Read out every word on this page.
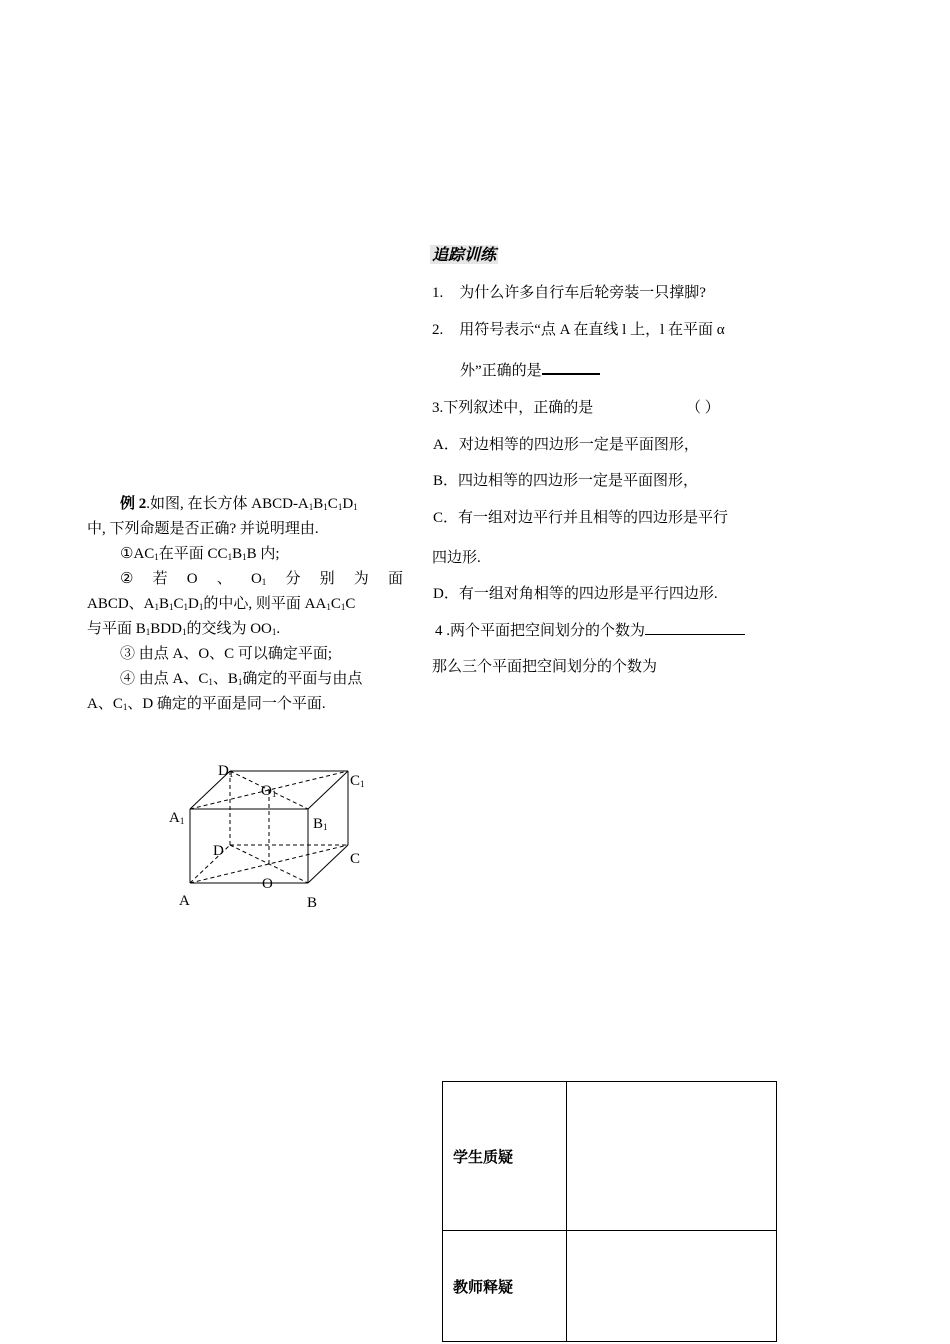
例 2.如图, 在长方体 ABCD-$A_1B_1C_1D_1$
中, 下列命题是否正确? 并说明理由.
$①AC_1$在平面 $CC_1B_1B$ 内;
② 若 O 、 $O_1$ 分 别 为 面
ABCD、$A_1B_1C_1D_1$的中心, 则平面 $AA_1C_1C$
与平面 $B_1BDD_1$的交线为 $OO_1$.
③ 由点 A、O、C 可以确定平面;
④ 由点 A、$C_1$、$B_1$确定的平面与由点
A、$C_1$、D 确定的平面是同一个平面.
$D_1$
$O_1$
$C_1$
$A_1$	$B_1$
D	C
O
A	B
追踪训练
1. 为什么许多自行车后轮旁装一只撑脚?
2. 用符号表示“点 A 在直线 l 上，l 在平面 α
外”正确的是
3.下列叙述中，正确的是	（ ）
A．对边相等的四边形一定是平面图形，
B．四边相等的四边形一定是平面图形，
C．有一组对边平行并且相等的四边形是平行
四边形.
D．有一组对角相等的四边形是平行四边形.
4 .两个平面把空间划分的个数为
那么三个平面把空间划分的个数为
学生质疑	
教师释疑	
